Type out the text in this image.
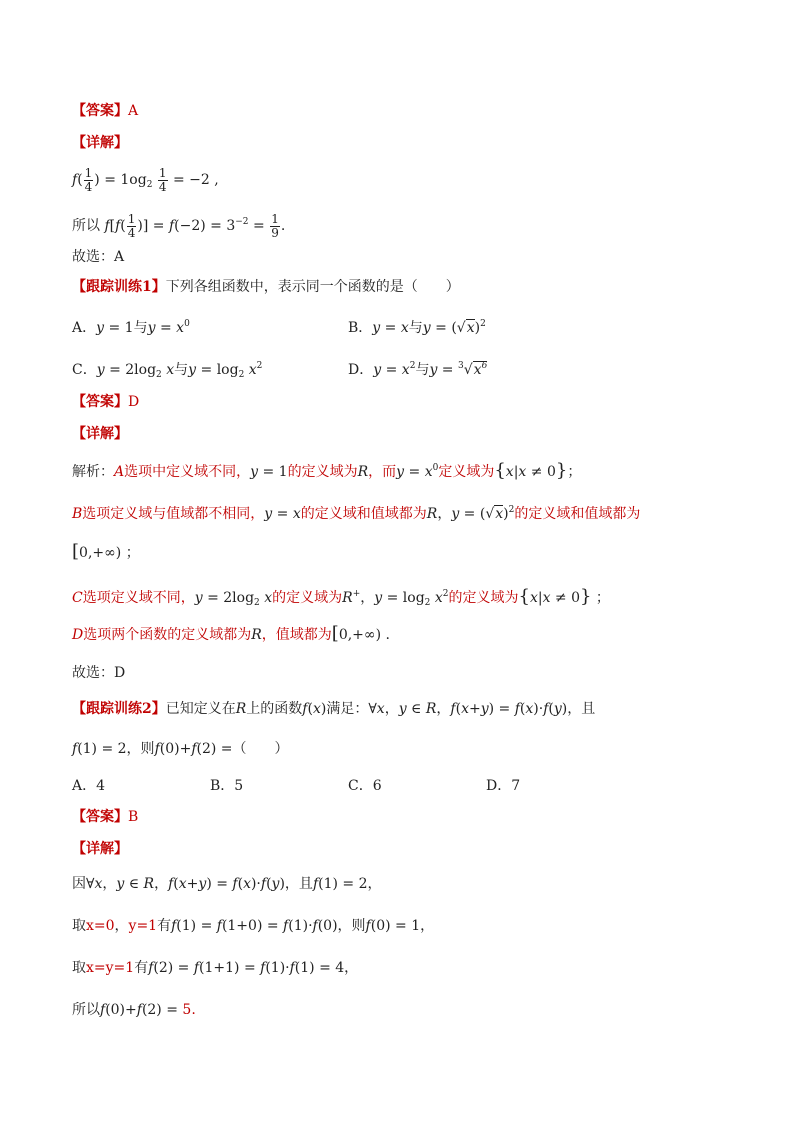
【答案】A
【详解】
$f( \frac{1}{4}$ ) = $1og_2 \frac{1}{4} = -2$ ,
所以 $f[f( \frac{1}{4}$ )] = $f(-2) = 3^{-2} = \frac{1}{9}$ .
故选：A
【跟踪训练1】下列各组函数中，表示同一个函数的是（　　）
A．y = 1与$y = x^0$	B．y = x与$y = (√x)^2$
C．$y = 2\log_2$ x与$y = \log_2 x^2$	D．$y = x^2$与$y = ^3√x^6$
【答案】D
【详解】
解析：A选项中定义域不同，y = 1的定义域为R，而$y = x^0$定义域为{x|x ≠ 0}；
B选项定义域与值域都不相同，y = x的定义域和值域都为R，$y = (√x)^2$的定义域和值域都为
[0,+∞) ；
C选项定义域不同，$y = 2\log_2$ x的定义域为R+，$y = \log_2 x^2$的定义域为{x|x ≠ 0} ；
D选项两个函数的定义域都为R，值域都为[0,+∞) .
故选：D
【跟踪训练2】已知定义在R上的函数f(x)满足：∀x，y ∈ R，f(x+y) = f(x)·f(y)，且
f(1) = 2，则f(0)+f(2) =（　　）
A．4	B．5	C．6	D．7
【答案】B
【详解】
因∀x，y ∈ R，f(x+y) = f(x)·f(y)，且f(1) = 2，
取x=0，y=1有f(1) = f(1+0) = f(1)·f(0)，则f(0) = 1，
取x=y=1有f(2) = f(1+1) = f(1)·f(1) = 4，
所以f(0)+f(2) = 5.
